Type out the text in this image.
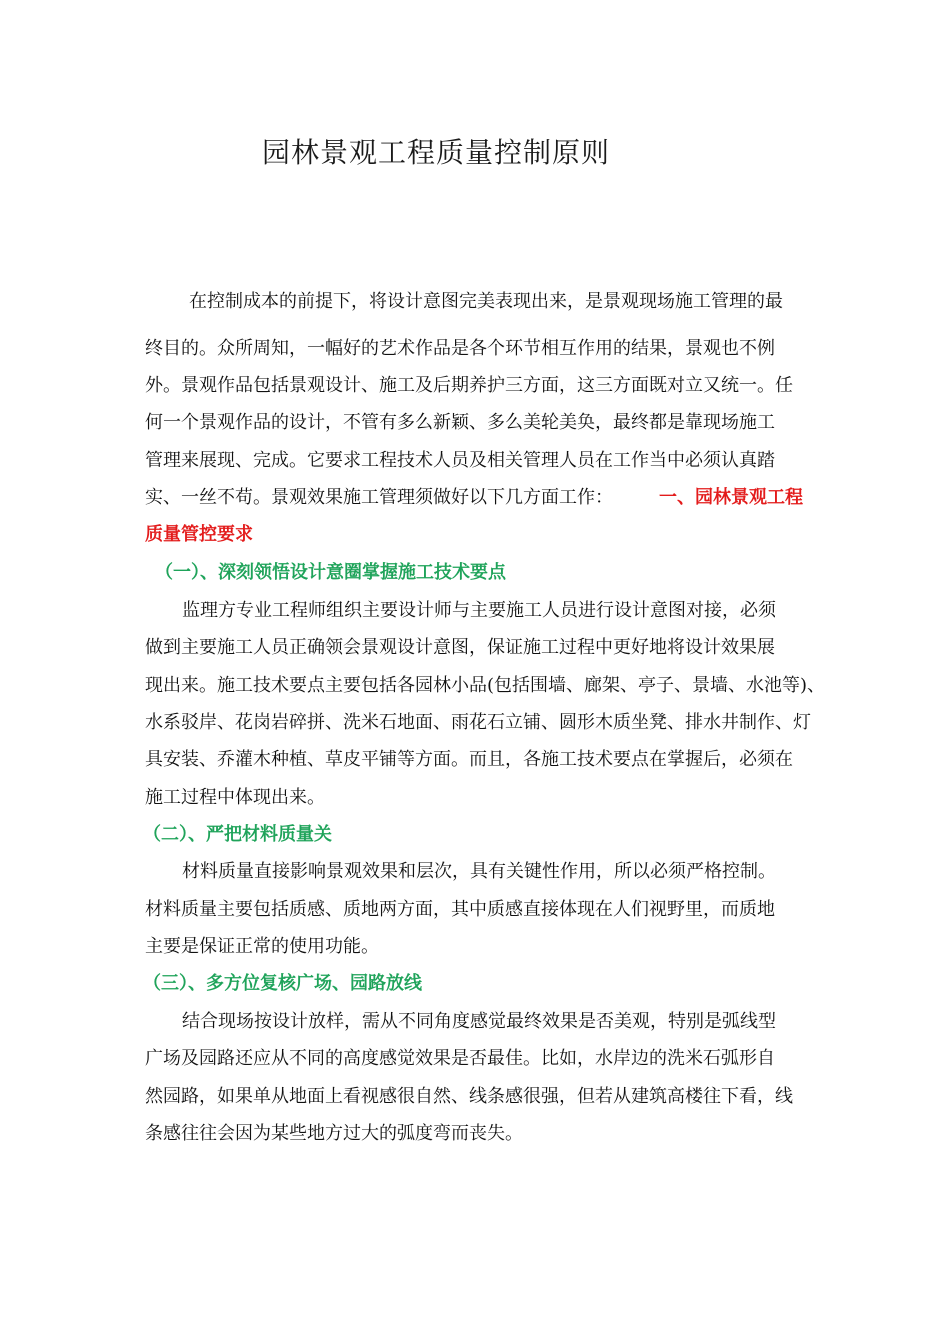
园林景观工程质量控制原则
在控制成本的前提下，将设计意图完美表现出来，是景观现场施工管理的最
终目的。众所周知，一幅好的艺术作品是各个环节相互作用的结果，景观也不例
外。景观作品包括景观设计、施工及后期养护三方面，这三方面既对立又统一。任
何一个景观作品的设计，不管有多么新颖、多么美轮美奂，最终都是靠现场施工
管理来展现、完成。它要求工程技术人员及相关管理人员在工作当中必须认真踏
实、一丝不苟。景观效果施工管理须做好以下几方面工作：	一、园林景观工程
质量管控要求
（一）、深刻领悟设计意圈掌握施工技术要点
监理方专业工程师组织主要设计师与主要施工人员进行设计意图对接，必须
做到主要施工人员正确领会景观设计意图，保证施工过程中更好地将设计效果展
现出来。施工技术要点主要包括各园林小品(包括围墙、廊架、亭子、景墙、水池等)、
水系驳岸、花岗岩碎拼、洗米石地面、雨花石立铺、圆形木质坐凳、排水井制作、灯
具安装、乔灌木种植、草皮平铺等方面。而且，各施工技术要点在掌握后，必须在
施工过程中体现出来。
（二）、严把材料质量关
材料质量直接影响景观效果和层次，具有关键性作用，所以必须严格控制。
材料质量主要包括质感、质地两方面，其中质感直接体现在人们视野里，而质地
主要是保证正常的使用功能。
（三）、多方位复核广场、园路放线
结合现场按设计放样，需从不同角度感觉最终效果是否美观，特别是弧线型
广场及园路还应从不同的高度感觉效果是否最佳。比如，水岸边的洗米石弧形自
然园路，如果单从地面上看视感很自然、线条感很强，但若从建筑高楼往下看，线
条感往往会因为某些地方过大的弧度弯而丧失。
